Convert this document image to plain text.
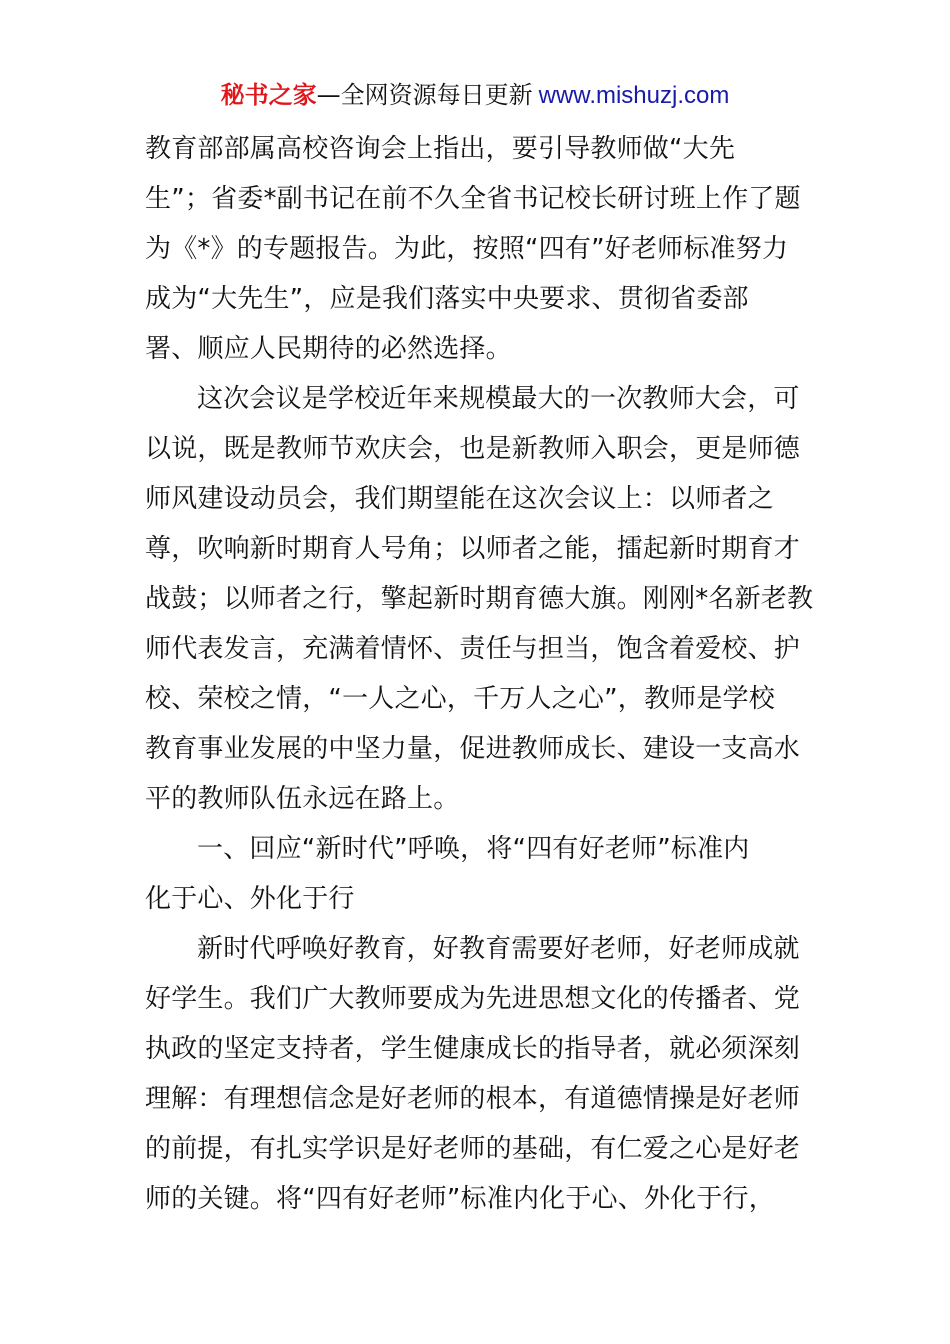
秘书之家—全网资源每日更新 www.mishuzj.com
教育部部属高校咨询会上指出，要引导教师做“大先
生”；省委*副书记在前不久全省书记校长研讨班上作了题
为《*》的专题报告。为此，按照“四有”好老师标准努力
成为“大先生”，应是我们落实中央要求、贯彻省委部
署、顺应人民期待的必然选择。
这次会议是学校近年来规模最大的一次教师大会，可
以说，既是教师节欢庆会，也是新教师入职会，更是师德
师风建设动员会，我们期望能在这次会议上：以师者之
尊，吹响新时期育人号角；以师者之能，擂起新时期育才
战鼓；以师者之行，擎起新时期育德大旗。刚刚*名新老教
师代表发言，充满着情怀、责任与担当，饱含着爱校、护
校、荣校之情，“一人之心，千万人之心”，教师是学校
教育事业发展的中坚力量，促进教师成长、建设一支高水
平的教师队伍永远在路上。
一、回应“新时代”呼唤，将“四有好老师”标准内
化于心、外化于行
新时代呼唤好教育，好教育需要好老师，好老师成就
好学生。我们广大教师要成为先进思想文化的传播者、党
执政的坚定支持者，学生健康成长的指导者，就必须深刻
理解：有理想信念是好老师的根本，有道德情操是好老师
的前提，有扎实学识是好老师的基础，有仁爱之心是好老
师的关键。将“四有好老师”标准内化于心、外化于行，
